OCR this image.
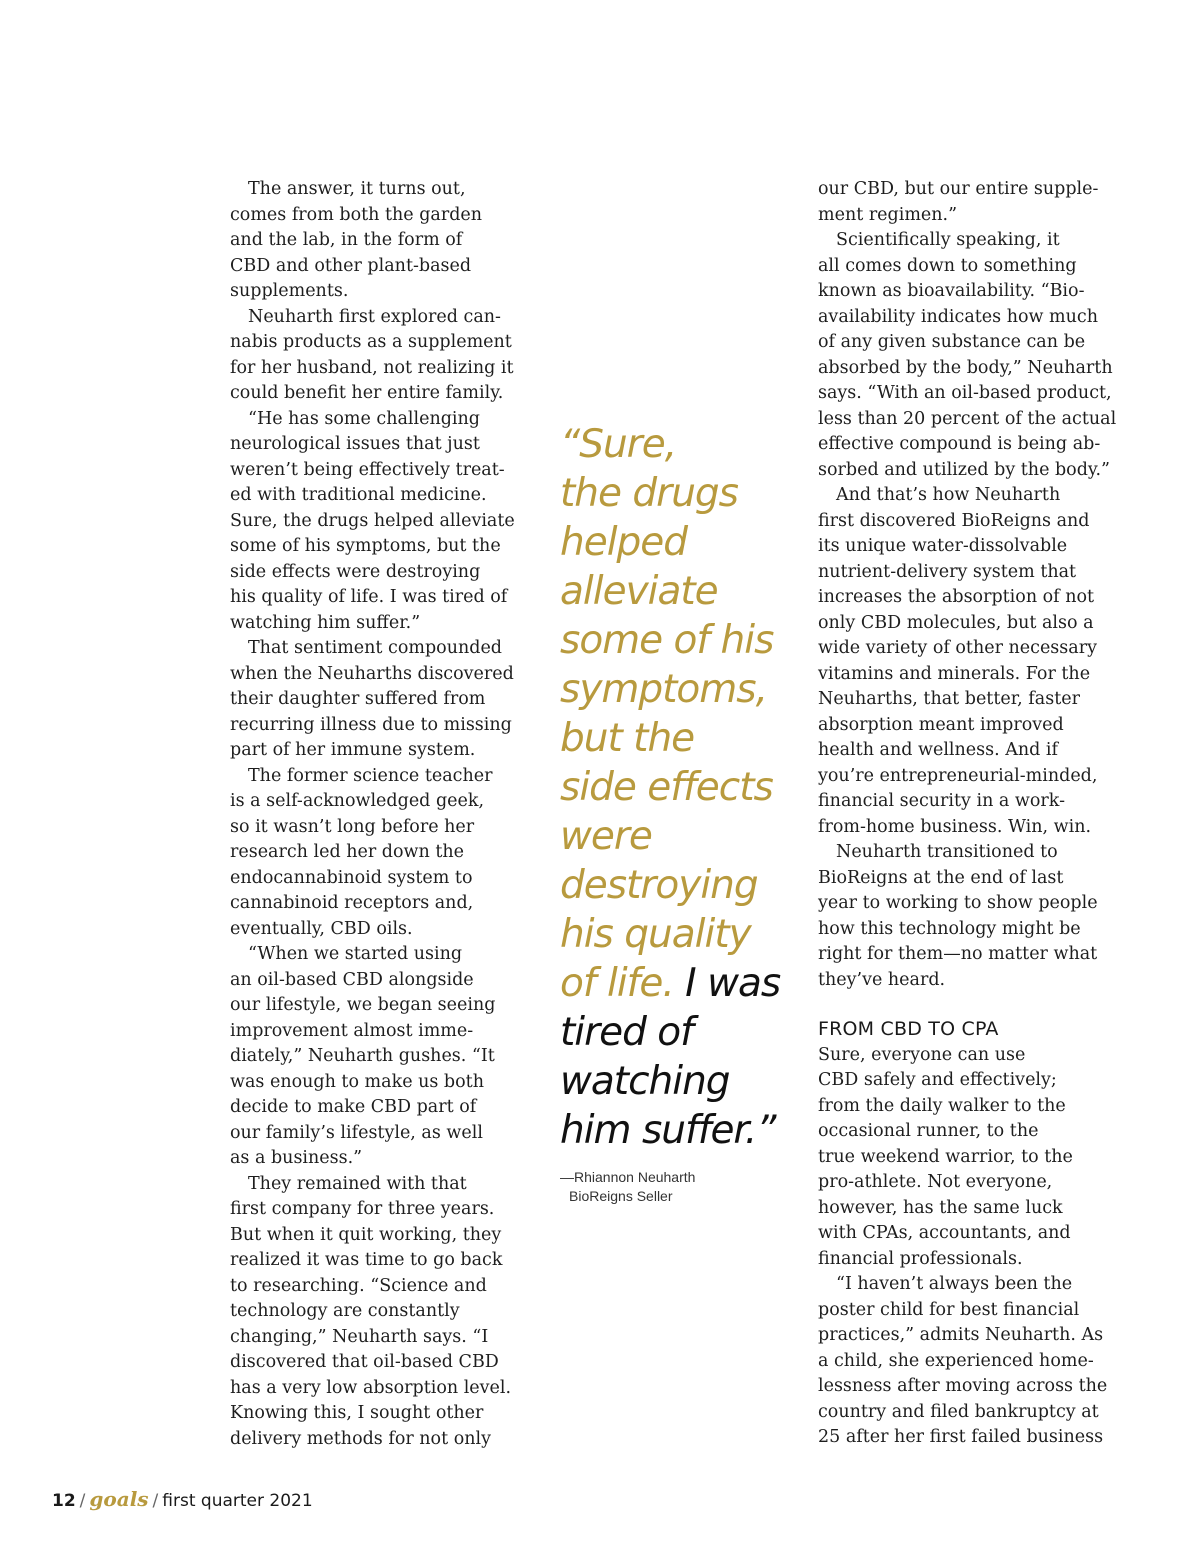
The answer, it turns out,
comes from both the garden
and the lab, in the form of
CBD and other plant-based
supplements.
Neuharth first explored can-
nabis products as a supplement
for her husband, not realizing it
could benefit her entire family.
“He has some challenging
neurological issues that just
weren’t being effectively treat-
ed with traditional medicine.
Sure, the drugs helped alleviate
some of his symptoms, but the
side effects were destroying
his quality of life. I was tired of
watching him suffer.”
That sentiment compounded
when the Neuharths discovered
their daughter suffered from
recurring illness due to missing
part of her immune system.
The former science teacher
is a self-acknowledged geek,
so it wasn’t long before her
research led her down the
endocannabinoid system to
cannabinoid receptors and,
eventually, CBD oils.
“When we started using
an oil-based CBD alongside
our lifestyle, we began seeing
improvement almost imme-
diately,” Neuharth gushes. “It
was enough to make us both
decide to make CBD part of
our family’s lifestyle, as well
as a business.”
They remained with that
first company for three years.
But when it quit working, they
realized it was time to go back
to researching. “Science and
technology are constantly
changing,” Neuharth says. “I
discovered that oil-based CBD
has a very low absorption level.
Knowing this, I sought other
delivery methods for not only
our CBD, but our entire supple-
ment regimen.”
Scientifically speaking, it
all comes down to something
known as bioavailability. “Bio-
availability indicates how much
of any given substance can be
absorbed by the body,” Neuharth
says. “With an oil-based product,
less than 20 percent of the actual
effective compound is being ab-
sorbed and utilized by the body.”
And that’s how Neuharth
first discovered BioReigns and
its unique water-dissolvable
nutrient-delivery system that
increases the absorption of not
only CBD molecules, but also a
wide variety of other necessary
vitamins and minerals. For the
Neuharths, that better, faster
absorption meant improved
health and wellness. And if
you’re entrepreneurial-minded,
financial security in a work-
from-home business. Win, win.
Neuharth transitioned to
BioReigns at the end of last
year to working to show people
how this technology might be
right for them—no matter what
they’ve heard.
FROM CBD TO CPA
Sure, everyone can use
CBD safely and effectively;
from the daily walker to the
occasional runner, to the
true weekend warrior, to the
pro-athlete. Not everyone,
however, has the same luck
with CPAs, accountants, and
financial professionals.
“I haven’t always been the
poster child for best financial
practices,” admits Neuharth. As
a child, she experienced home-
lessness after moving across the
country and filed bankruptcy at
25 after her first failed business
“Sure,
the drugs
helped
alleviate
some of his
symptoms,
but the
side effects
were
destroying
his quality
of life. I was
tired of
watching
him suffer.”
—Rhiannon Neuharth
BioReigns Seller
12 / goals / first quarter 2021
